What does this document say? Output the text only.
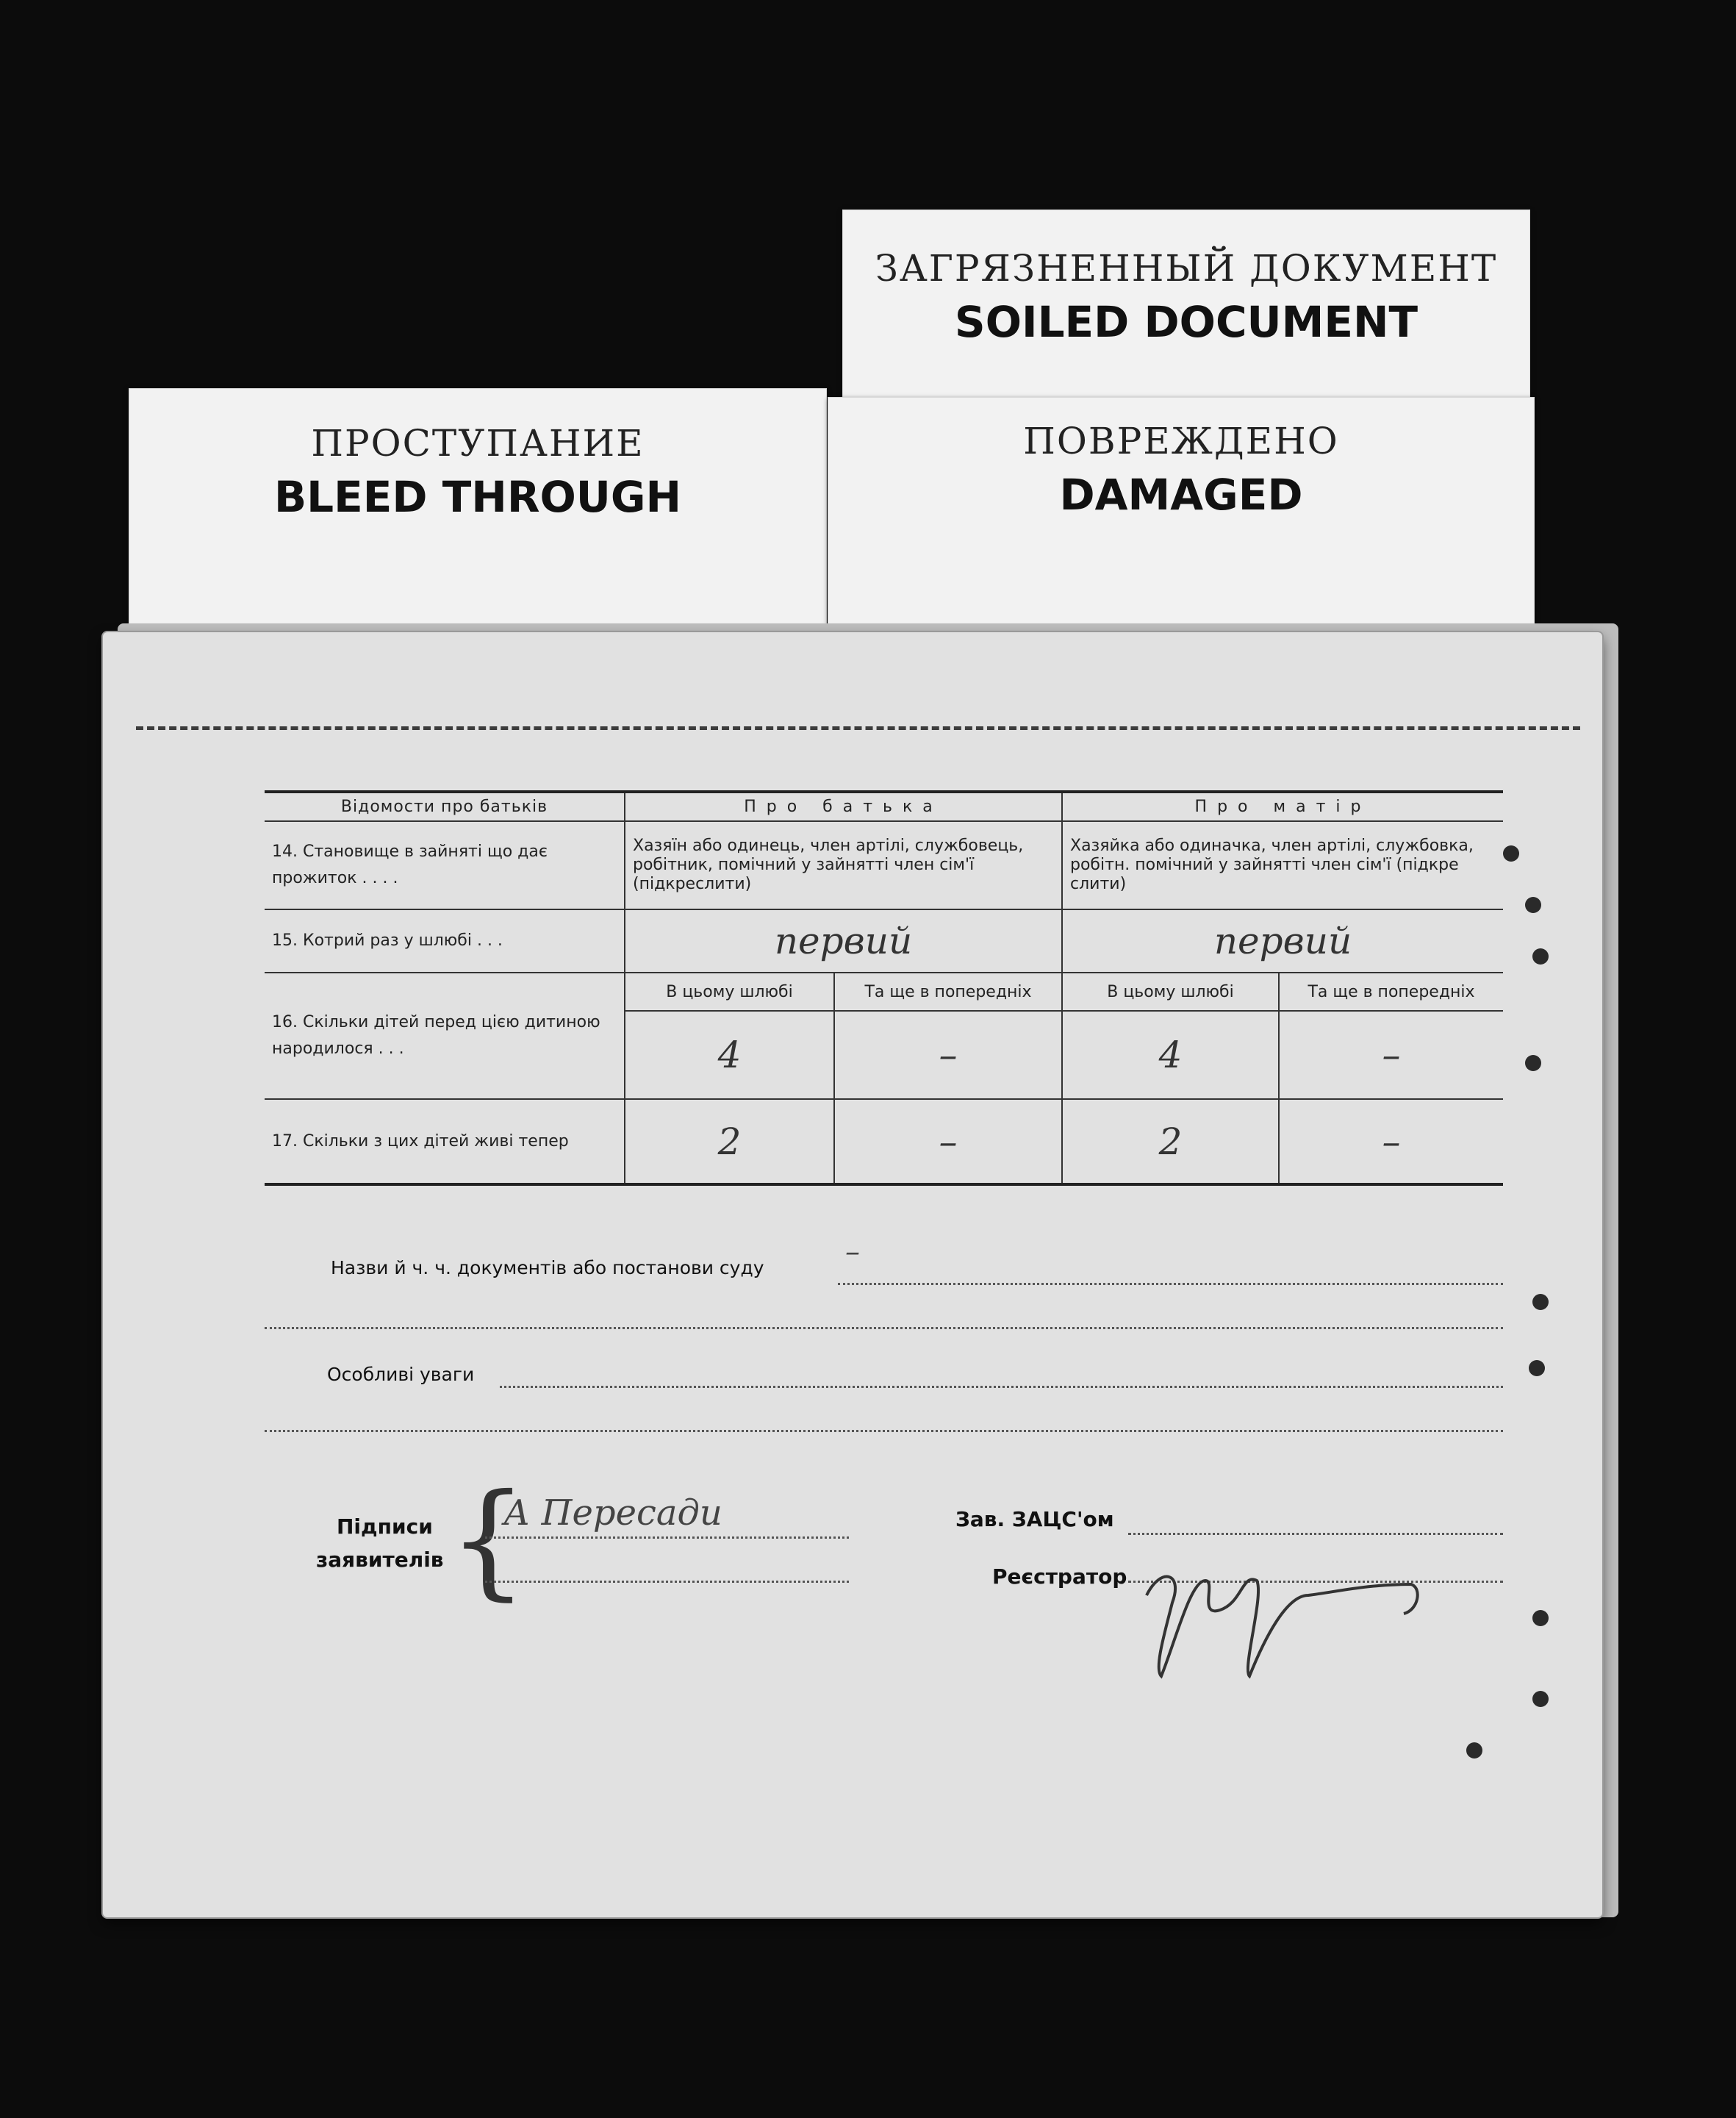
ПРОСТУПАНИЕ
BLEED THROUGH
ЗАГРЯЗНЕННЫЙ ДОКУМЕНТ
SOILED DOCUMENT
ПОВРЕЖДЕНО
DAMAGED
Відомости про батьків	Про батька		Про матір	
14. Становище в зайняті що дає прожиток . . . .	Хазяїн або одинець, член артілі, службовець, робітник, помічний у зайнятті член сім'ї (підкреслити)		Хазяйка або одиначка, член артілі, службовка, робітн. помічний у зайнятті член сім'ї (підкре слити)	
15. Котрий раз у шлюбі . . .	первий		первий	
16. Скільки дітей перед цією дитиною народилося . . .	В цьому шлюбі	Та ще в попередніх	В цьому шлюбі	Та ще в попередніх
	4	–	4	–
17. Скільки з цих дітей живі тепер	2	–	2	–
Назви й ч. ч. документів або постанови суду	–
Особливі уваги
Підписи
заявителів {
А Пересади	Зав. ЗАЦС'ом
Реєстратор
